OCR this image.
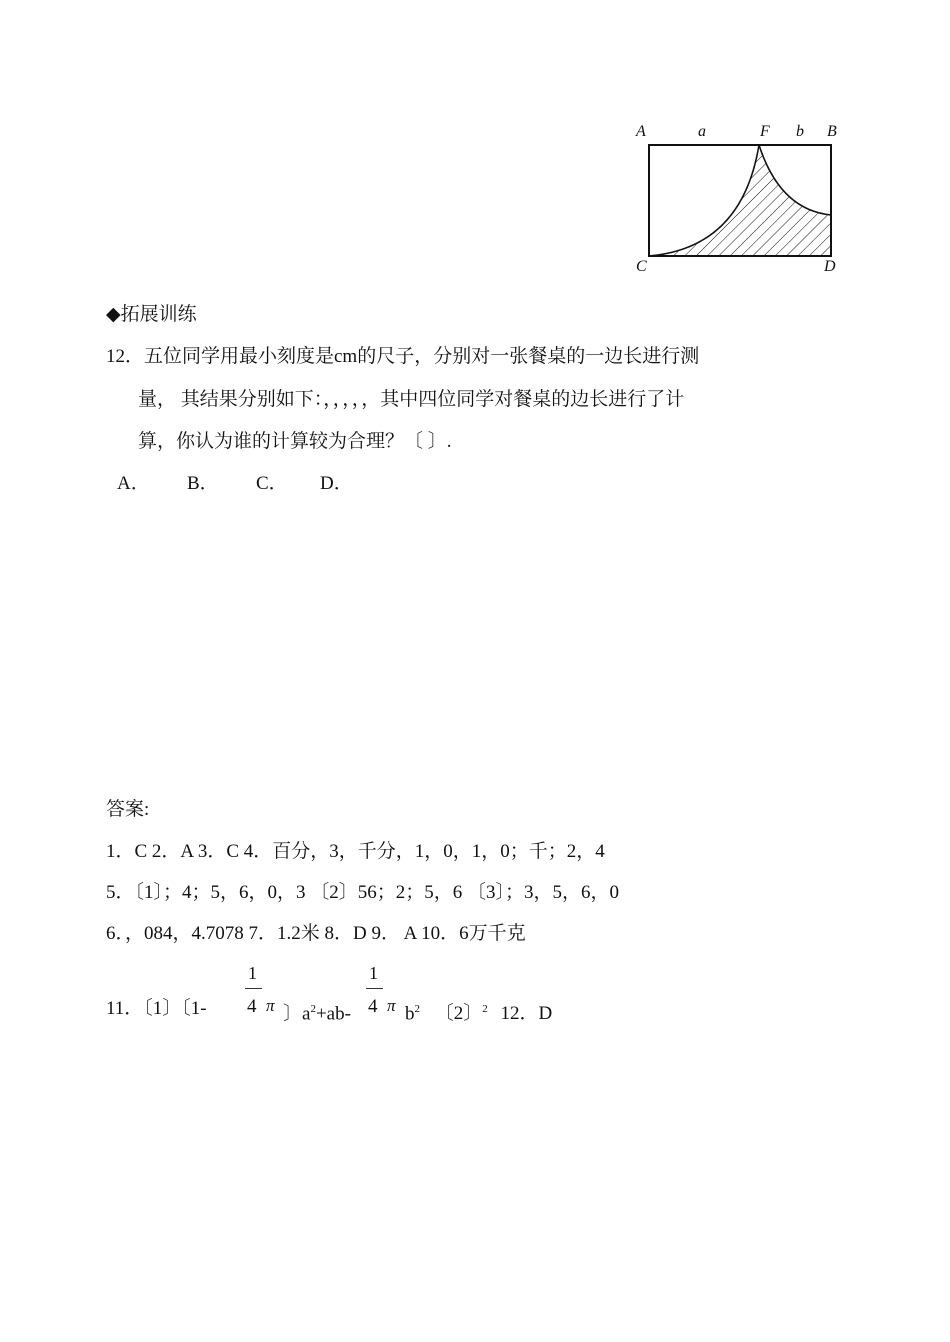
A	a	F b B
C	D
◆拓展训练
12．五位同学用最小刻度是cm的尺子，分别对一张餐桌的一边长进行测
量， 其结果分别如下：，，，，，其中四位同学对餐桌的边长进行了计
算，你认为谁的计算较为合理？〔 〕.
A． B． C． D．
答案:
1．C 2．A 3．C 4．百分，3，千分，1，0，1，0；千；2，4
5．〔1〕；4；5，6，0，3 〔2〕56；2；5，6 〔3〕；3，5，6，0
6．，084，4.7078 7．1.2米 8．D 9． A 10．6万千克
11．〔1〕〔1-
1
4 π 〕$a^2+ab-$
1
4 π $b^2$ 〔2〕$^2$ 12．D
